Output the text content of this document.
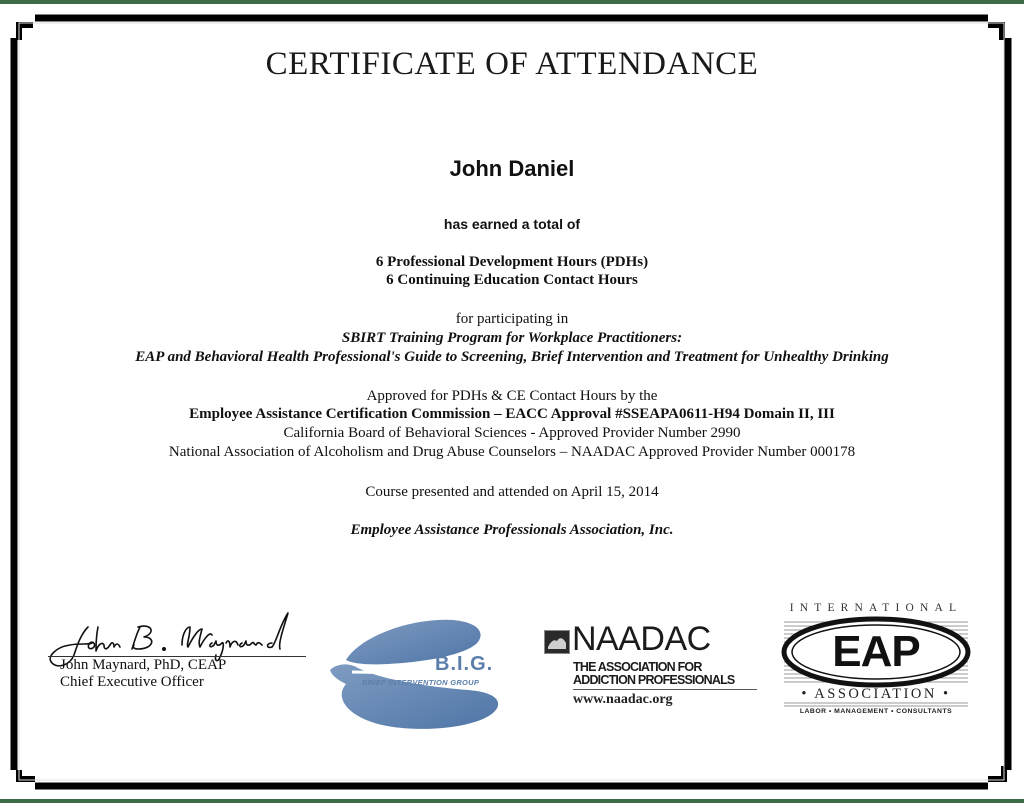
CERTIFICATE OF ATTENDANCE
John Daniel
has earned a total of
6 Professional Development Hours (PDHs)
6 Continuing Education Contact Hours
for participating in
SBIRT Training Program for Workplace Practitioners:
EAP and Behavioral Health Professional's Guide to Screening, Brief Intervention and Treatment for Unhealthy Drinking
Approved for PDHs & CE Contact Hours by the
Employee Assistance Certification Commission – EACC Approval #SSEAPA0611-H94 Domain II, III
California Board of Behavioral Sciences - Approved Provider Number 2990
National Association of Alcoholism and Drug Abuse Counselors – NAADAC Approved Provider Number 000178
Course presented and attended on April 15, 2014
Employee Assistance Professionals Association, Inc.
John Maynard, PhD, CEAP
Chief Executive Officer
B.I.G.
BRIEF INTERVENTION GROUP
NAADAC
THE ASSOCIATION FOR
ADDICTION PROFESSIONALS
www.naadac.org
INTERNATIONAL
EAP
• ASSOCIATION •
LABOR • MANAGEMENT • CONSULTANTS
